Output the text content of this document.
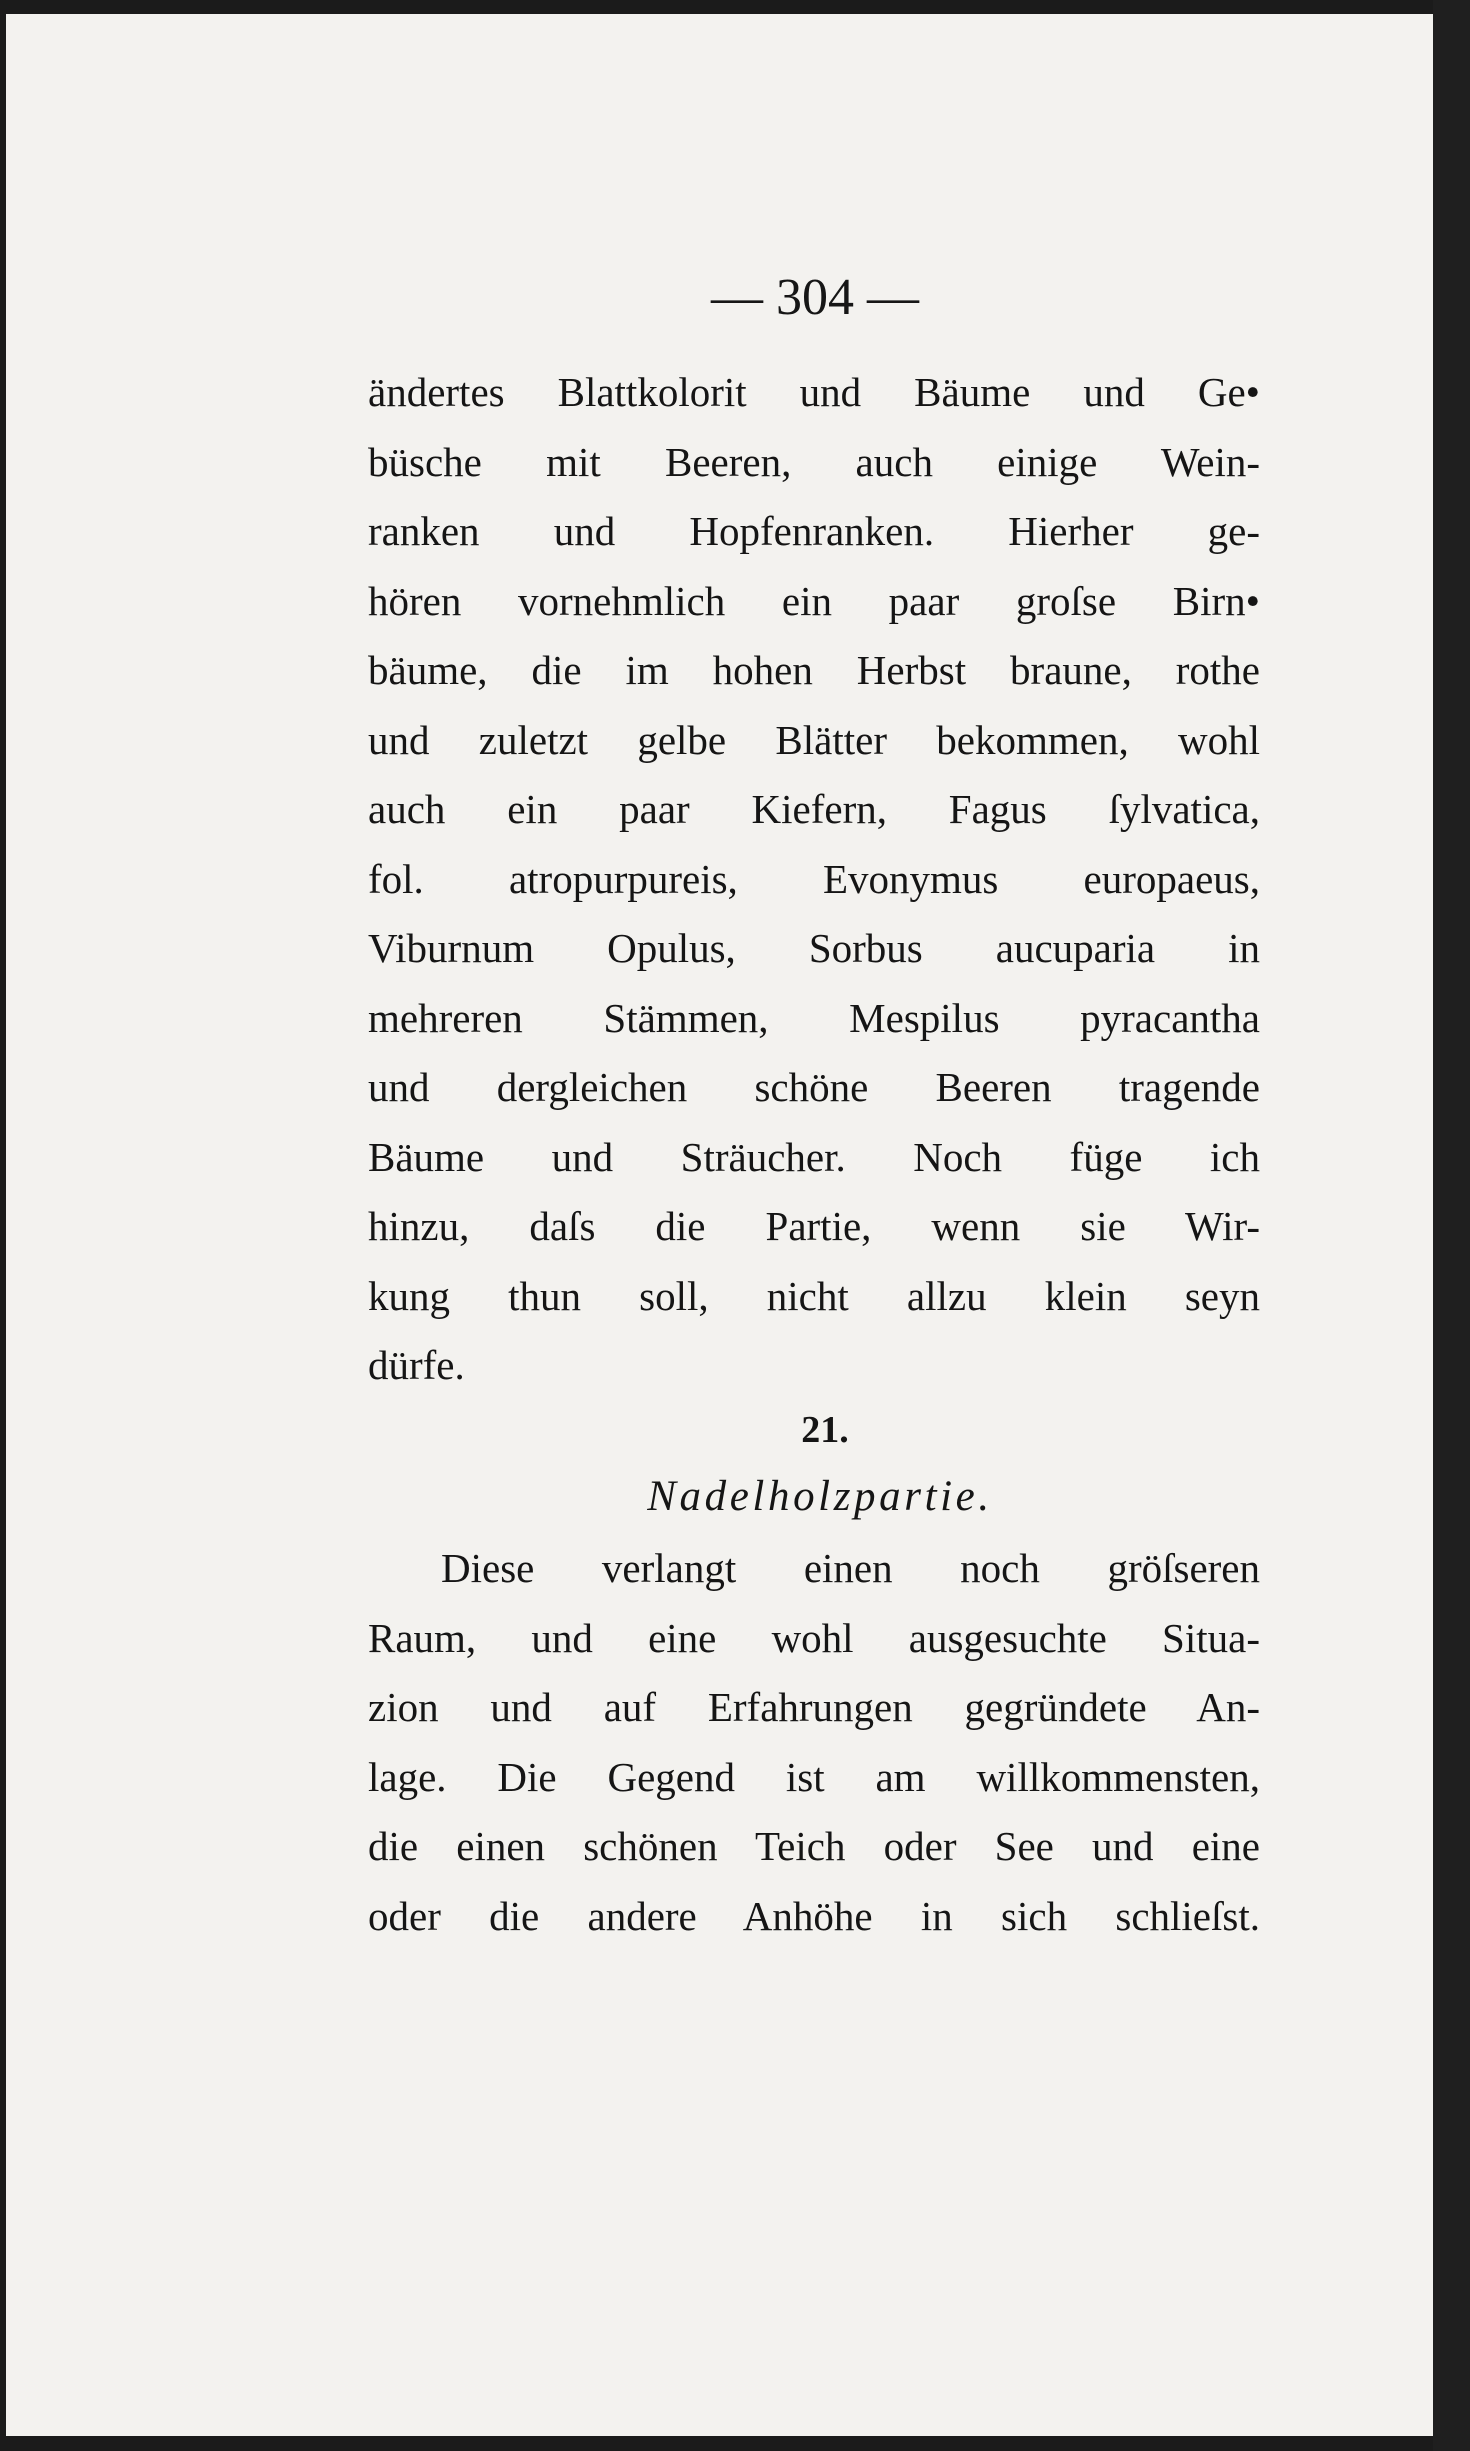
— 304 —
ändertes Blattkolorit und Bäume und Ge•
büsche mit Beeren, auch einige Wein-
ranken und Hopfenranken. Hierher ge-
hören vornehmlich ein paar groſse Birn•
bäume, die im hohen Herbst braune, rothe
und zuletzt gelbe Blätter bekommen, wohl
auch ein paar Kiefern, Fagus ſylvatica,
fol. atropurpureis, Evonymus europaeus,
Viburnum Opulus, Sorbus aucuparia in
mehreren Stämmen, Mespilus pyracantha
und dergleichen schöne Beeren tragende
Bäume und Sträucher. Noch füge ich
hinzu, daſs die Partie, wenn sie Wir-
kung thun soll, nicht allzu klein seyn
dürfe.
21.
Nadelholzpartie.
Diese verlangt einen noch gröſseren
Raum, und eine wohl ausgesuchte Situa-
zion und auf Erfahrungen gegründete An-
lage. Die Gegend ist am willkommensten,
die einen schönen Teich oder See und eine
oder die andere Anhöhe in sich schlieſst.
